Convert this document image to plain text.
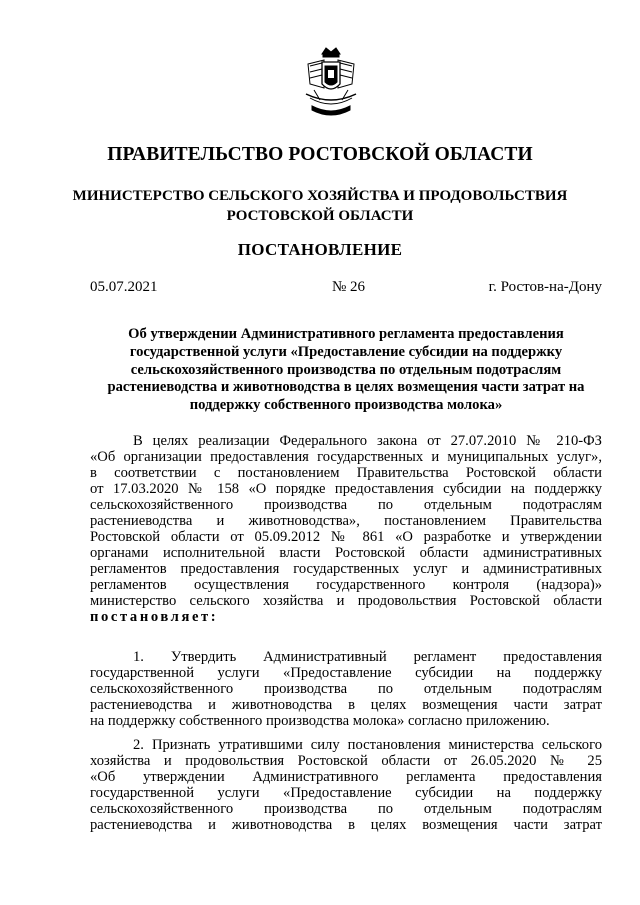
ПРАВИТЕЛЬСТВО РОСТОВСКОЙ ОБЛАСТИ
МИНИСТЕРСТВО СЕЛЬСКОГО ХОЗЯЙСТВА И ПРОДОВОЛЬСТВИЯ
РОСТОВСКОЙ ОБЛАСТИ
ПОСТАНОВЛЕНИЕ
05.07.2021	№ 26	г. Ростов-на-Дону

Об утверждении Административного регламента предоставления
государственной услуги «Предоставление субсидии на поддержку
сельскохозяйственного производства по отдельным подотраслям
растениеводства и животноводства в целях возмещения части затрат на
поддержку собственного производства молока»

В целях реализации Федерального закона от 27.07.2010 № 210-ФЗ
«Об организации предоставления государственных и муниципальных услуг»,
в соответствии с постановлением Правительства Ростовской области
от 17.03.2020 № 158 «О порядке предоставления субсидии на поддержку
сельскохозяйственного производства по отдельным подотраслям
растениеводства и животноводства», постановлением Правительства
Ростовской области от 05.09.2012 № 861 «О разработке и утверждении
органами исполнительной власти Ростовской области административных
регламентов предоставления государственных услуг и административных
регламентов осуществления государственного контроля (надзора)»
министерство сельского хозяйства и продовольствия Ростовской области
постановляет:
1. Утвердить Административный регламент предоставления
государственной услуги «Предоставление субсидии на поддержку
сельскохозяйственного производства по отдельным подотраслям
растениеводства и животноводства в целях возмещения части затрат
на поддержку собственного производства молока» согласно приложению.
2. Признать утратившими силу постановления министерства сельского
хозяйства и продовольствия Ростовской области от 26.05.2020 № 25
«Об утверждении Административного регламента предоставления
государственной услуги «Предоставление субсидии на поддержку
сельскохозяйственного производства по отдельным подотраслям
растениеводства и животноводства в целях возмещения части затрат
